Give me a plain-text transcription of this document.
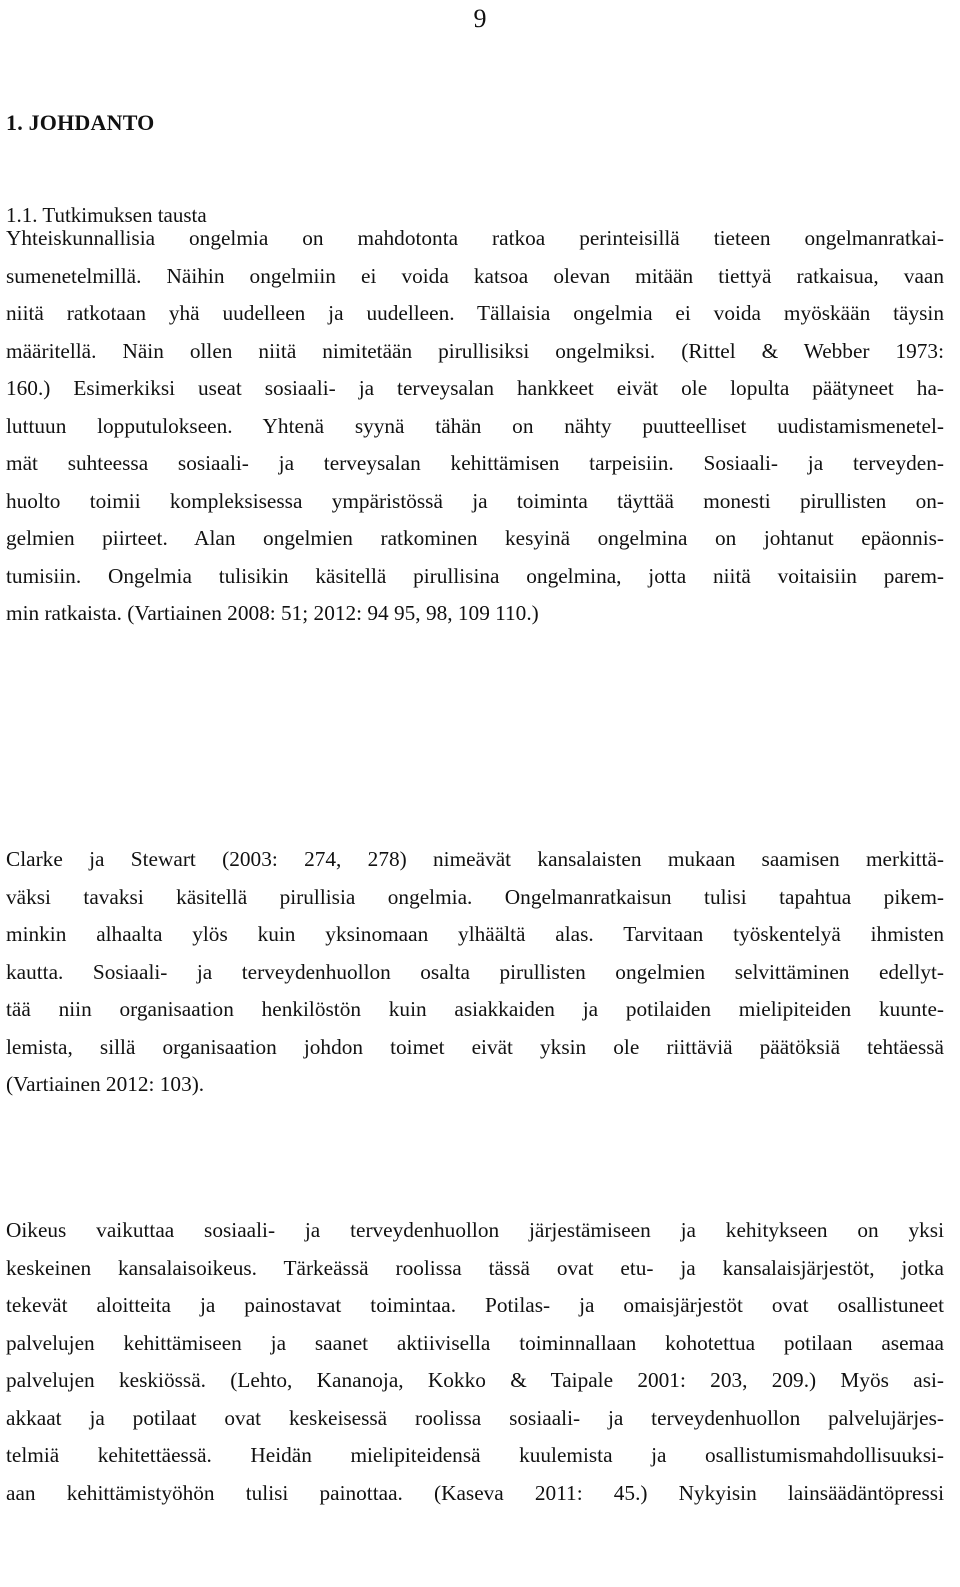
9
1. JOHDANTO
1.1. Tutkimuksen tausta
Yhteiskunnallisia ongelmia on mahdotonta ratkoa perinteisillä tieteen ongelmanratkai-
sumenetelmillä. Näihin ongelmiin ei voida katsoa olevan mitään tiettyä ratkaisua, vaan
niitä ratkotaan yhä uudelleen ja uudelleen. Tällaisia ongelmia ei voida myöskään täysin
määritellä. Näin ollen niitä nimitetään pirullisiksi ongelmiksi. (Rittel & Webber 1973:
160.) Esimerkiksi useat sosiaali- ja terveysalan hankkeet eivät ole lopulta päätyneet ha-
luttuun lopputulokseen. Yhtenä syynä tähän on nähty puutteelliset uudistamismenetel-
mät suhteessa sosiaali- ja terveysalan kehittämisen tarpeisiin. Sosiaali- ja terveyden-
huolto toimii kompleksisessa ympäristössä ja toiminta täyttää monesti pirullisten on-
gelmien piirteet. Alan ongelmien ratkominen kesyinä ongelmina on johtanut epäonnis-
tumisiin. Ongelmia tulisikin käsitellä pirullisina ongelmina, jotta niitä voitaisiin parem-
min ratkaista. (Vartiainen 2008: 51; 2012: 94 95, 98, 109 110.)
Clarke ja Stewart (2003: 274, 278) nimeävät kansalaisten mukaan saamisen merkittä-
väksi tavaksi käsitellä pirullisia ongelmia. Ongelmanratkaisun tulisi tapahtua pikem-
minkin alhaalta ylös kuin yksinomaan ylhäältä alas. Tarvitaan työskentelyä ihmisten
kautta. Sosiaali- ja terveydenhuollon osalta pirullisten ongelmien selvittäminen edellyt-
tää niin organisaation henkilöstön kuin asiakkaiden ja potilaiden mielipiteiden kuunte-
lemista, sillä organisaation johdon toimet eivät yksin ole riittäviä päätöksiä tehtäessä
(Vartiainen 2012: 103).
Oikeus vaikuttaa sosiaali- ja terveydenhuollon järjestämiseen ja kehitykseen on yksi
keskeinen kansalaisoikeus. Tärkeässä roolissa tässä ovat etu- ja kansalaisjärjestöt, jotka
tekevät aloitteita ja painostavat toimintaa. Potilas- ja omaisjärjestöt ovat osallistuneet
palvelujen kehittämiseen ja saanet aktiivisella toiminnallaan kohotettua potilaan asemaa
palvelujen keskiössä. (Lehto, Kananoja, Kokko & Taipale 2001: 203, 209.) Myös asi-
akkaat ja potilaat ovat keskeisessä roolissa sosiaali- ja terveydenhuollon palvelujärjes-
telmiä kehitettäessä. Heidän mielipiteidensä kuulemista ja osallistumismahdollisuuksi-
aan kehittämistyöhön tulisi painottaa. (Kaseva 2011: 45.) Nykyisin lainsäädäntöpressi
